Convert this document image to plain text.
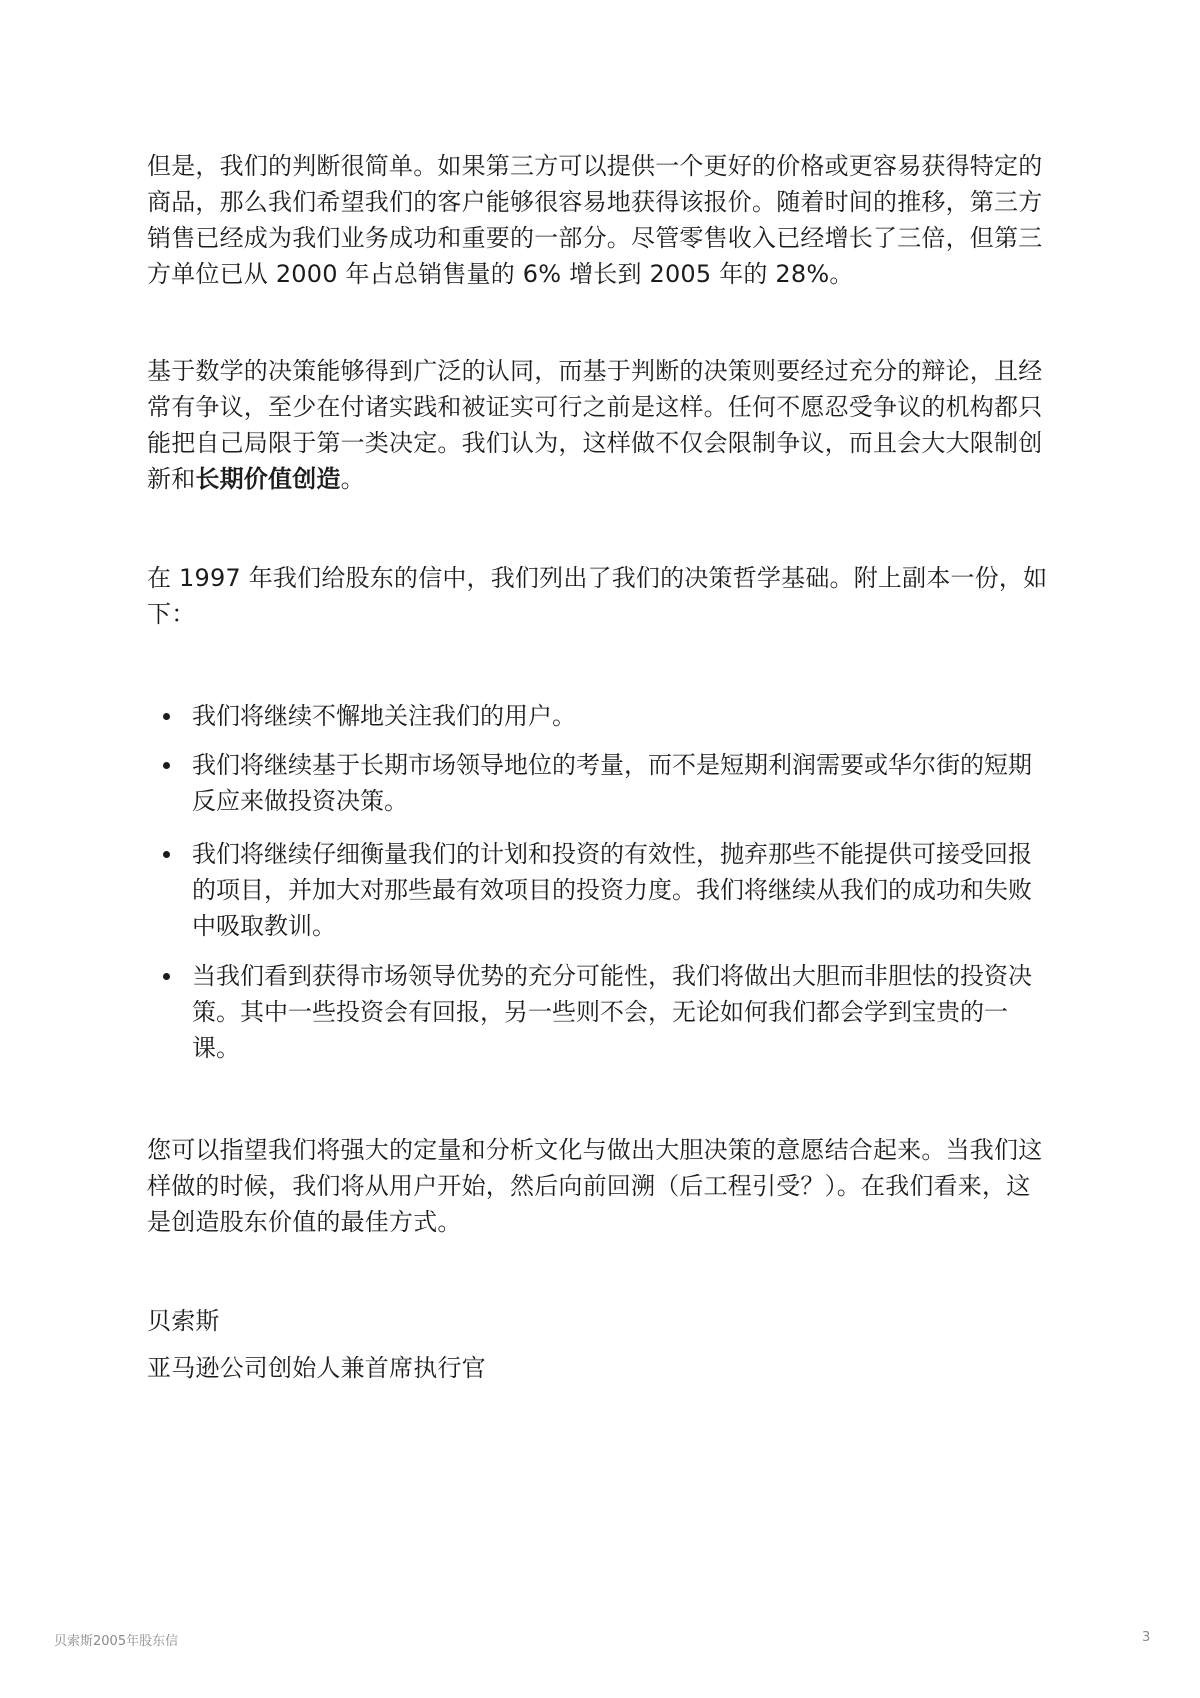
但是，我们的判断很简单。如果第三方可以提供一个更好的价格或更容易获得特定的商品，那么我们希望我们的客户能够很容易地获得该报价。随着时间的推移，第三方销售已经成为我们业务成功和重要的一部分。尽管零售收入已经增长了三倍，但第三方单位已从 2000 年占总销售量的 6% 增长到 2005 年的 28%。

基于数学的决策能够得到广泛的认同，而基于判断的决策则要经过充分的辩论，且经常有争议，至少在付诸实践和被证实可行之前是这样。任何不愿忍受争议的机构都只能把自己局限于第一类决定。我们认为，这样做不仅会限制争议，而且会大大限制创新和长期价值创造。

在 1997 年我们给股东的信中，我们列出了我们的决策哲学基础。附上副本一份，如下：

我们将继续不懈地关注我们的用户。
我们将继续基于长期市场领导地位的考量，而不是短期利润需要或华尔街的短期反应来做投资决策。
我们将继续仔细衡量我们的计划和投资的有效性，抛弃那些不能提供可接受回报的项目，并加大对那些最有效项目的投资力度。我们将继续从我们的成功和失败中吸取教训。
当我们看到获得市场领导优势的充分可能性，我们将做出大胆而非胆怯的投资决策。其中一些投资会有回报，另一些则不会，无论如何我们都会学到宝贵的一课。

您可以指望我们将强大的定量和分析文化与做出大胆决策的意愿结合起来。当我们这样做的时候，我们将从用户开始，然后向前回溯（后工程引受？）。在我们看来，这是创造股东价值的最佳方式。

贝索斯

亚马逊公司创始人兼首席执行官

贝索斯2005年股东信	3
